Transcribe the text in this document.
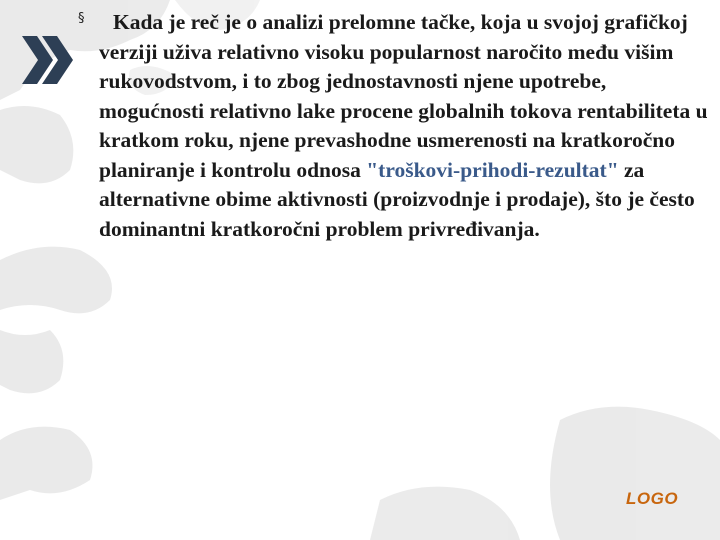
§	Kada je reč je o analizi prelomne tačke, koja u svojoj grafičkoj verziji uživa relativno visoku popularnost naročito među višim rukovodstvom, i to zbog jednostavnosti njene upotrebe, mogućnosti relativno lake procene globalnih tokova rentabiliteta u kratkom roku, njene prevashodne usmerenosti na kratkoročno planiranje i kontrolu odnosa "troškovi-prihodi-rezultat" za alternativne obime aktivnosti (proizvodnje i prodaje), što je često dominantni kratkoročni problem privređivanja.

LOGO
